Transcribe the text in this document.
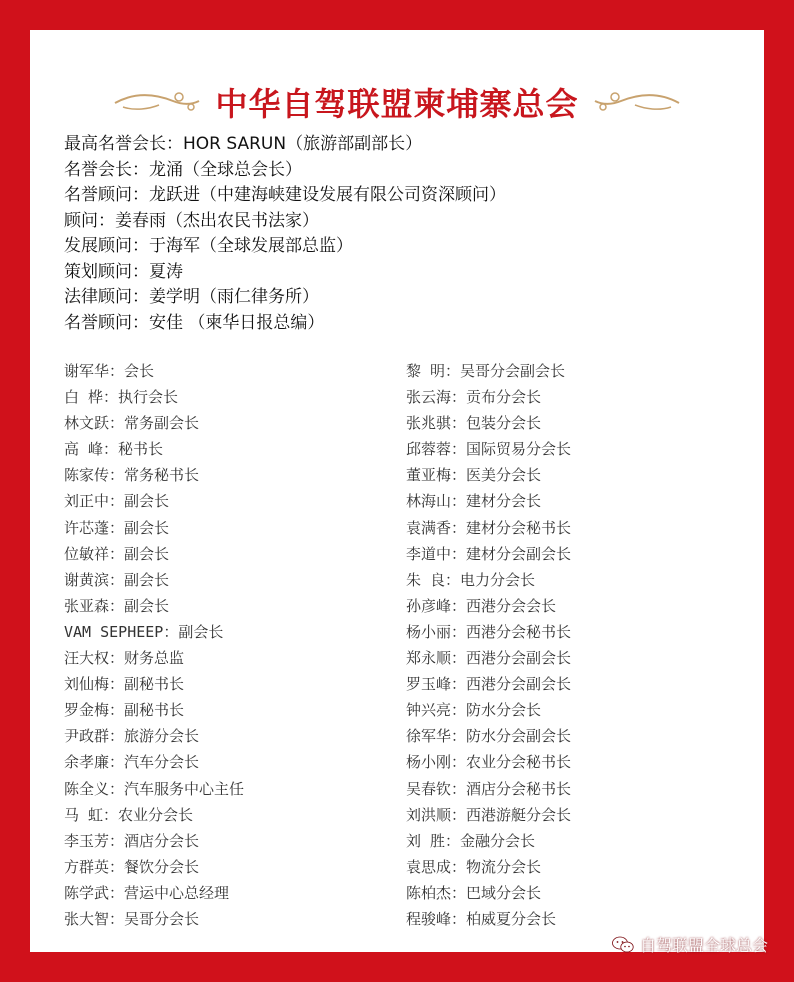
中华自驾联盟柬埔寨总会
最高名誉会长：HOR SARUN（旅游部副部长）
名誉会长：龙涌（全球总会长）
名誉顾问：龙跃进（中建海峡建设发展有限公司资深顾问）
顾问：姜春雨（杰出农民书法家）
发展顾问：于海军（全球发展部总监）
策划顾问：夏涛
法律顾问：姜学明（雨仁律务所）
名誉顾问：安佳 （柬华日报总编）
谢军华：会长
白 桦：执行会长
林文跃：常务副会长
高 峰：秘书长
陈家传：常务秘书长
刘正中：副会长
许芯蓬：副会长
位敏祥：副会长
谢黄滨：副会长
张亚森：副会长
VAM SEPHEEP：副会长
汪大权：财务总监
刘仙梅：副秘书长
罗金梅：副秘书长
尹政群：旅游分会长
余孝廉：汽车分会长
陈全义：汽车服务中心主任
马 虹：农业分会长
李玉芳：酒店分会长
方群英：餐饮分会长
陈学武：营运中心总经理
张大智：吴哥分会长
黎 明：吴哥分会副会长
张云海：贡布分会长
张兆骐：包装分会长
邱蓉蓉：国际贸易分会长
董亚梅：医美分会长
林海山：建材分会长
袁满香：建材分会秘书长
李道中：建材分会副会长
朱 良：电力分会长
孙彦峰：西港分会会长
杨小丽：西港分会秘书长
郑永顺：西港分会副会长
罗玉峰：西港分会副会长
钟兴亮：防水分会长
徐军华：防水分会副会长
杨小刚：农业分会秘书长
吴春钦：酒店分会秘书长
刘洪顺：西港游艇分会长
刘 胜：金融分会长
袁思成：物流分会长
陈柏杰：巴域分会长
程骏峰：柏威夏分会长
自驾联盟全球总会
